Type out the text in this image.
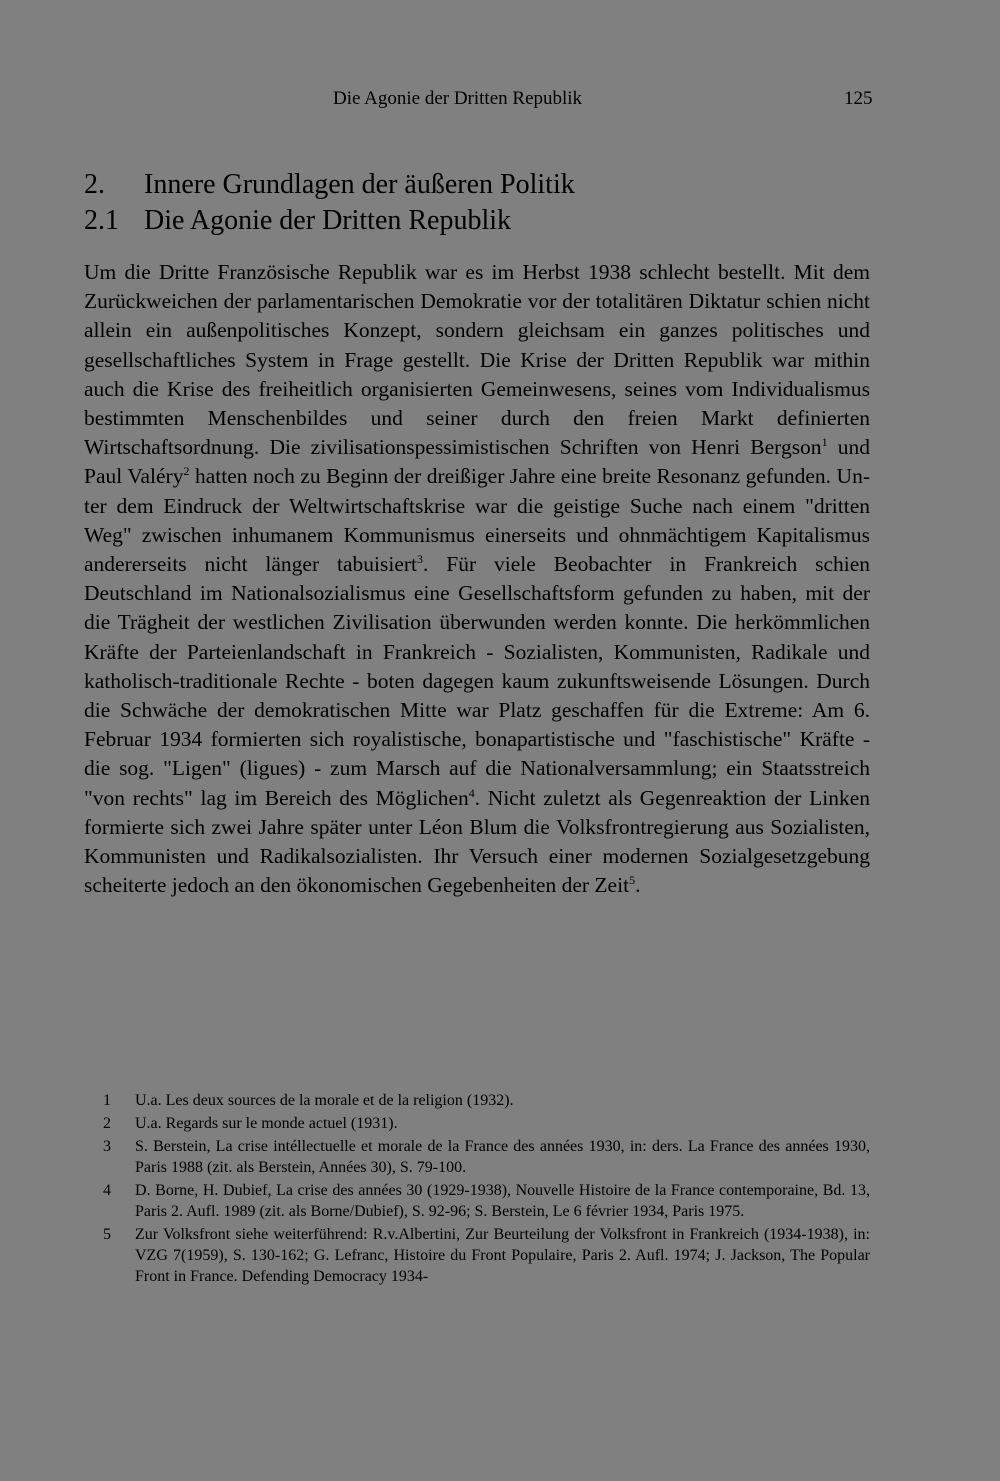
Die Agonie der Dritten Republik	125
2. Innere Grundlagen der äußeren Politik
2.1 Die Agonie der Dritten Republik

Um die Dritte Französische Republik war es im Herbst 1938 schlecht bestellt. Mit dem Zurückweichen der parlamentarischen Demokratie vor der totalitären Diktatur schien nicht allein ein außenpolitisches Konzept, sondern gleichsam ein ganzes politisches und gesellschaftliches System in Frage gestellt. Die Krise der Dritten Republik war mithin auch die Krise des freiheitlich organisierten Gemeinwesens, seines vom Individualismus bestimmten Menschenbildes und seiner durch den freien Markt definierten Wirtschaftsordnung. Die zivilisationspessimistischen Schriften von Henri Bergson$^1$ und Paul Valéry$^2$ hatten noch zu Beginn der dreißiger Jahre eine breite Resonanz gefunden. Unter dem Eindruck der Weltwirtschaftskrise war die geistige Suche nach einem "dritten Weg" zwischen inhumanem Kommunismus einerseits und ohnmächtigem Kapitalismus andererseits nicht länger tabuisiert$^3$. Für viele Beobachter in Frankreich schien Deutschland im Nationalsozialismus eine Gesellschaftsform gefunden zu haben, mit der die Trägheit der westlichen Zivilisation überwunden werden konnte. Die herkömmlichen Kräfte der Parteienlandschaft in Frankreich - Sozialisten, Kommunisten, Radikale und katholisch-traditionale Rechte - boten dagegen kaum zukunftsweisende Lösungen. Durch die Schwäche der demokratischen Mitte war Platz geschaffen für die Extreme: Am 6. Februar 1934 formierten sich royalistische, bonapartistische und "faschistische" Kräfte - die sog. "Ligen" (ligues) - zum Marsch auf die Nationalversammlung; ein Staatsstreich "von rechts" lag im Bereich des Möglichen$^4$. Nicht zuletzt als Gegenreaktion der Linken formierte sich zwei Jahre später unter Léon Blum die Volksfrontregierung aus Sozialisten, Kommunisten und Radikalsozialisten. Ihr Versuch einer modernen Sozialgesetzgebung scheiterte jedoch an den ökonomischen Gegebenheiten der Zeit$^5$.

1	U.a. Les deux sources de la morale et de la religion (1932).
2	U.a. Regards sur le monde actuel (1931).
3	S. Berstein, La crise intéllectuelle et morale de la France des années 1930, in: ders. La France des années 1930, Paris 1988 (zit. als Berstein, Années 30), S. 79-100.
4	D. Borne, H. Dubief, La crise des années 30 (1929-1938), Nouvelle Histoire de la France contemporaine, Bd. 13, Paris 2. Aufl. 1989 (zit. als Borne/Dubief), S. 92-96; S. Berstein, Le 6 février 1934, Paris 1975.
5	Zur Volksfront siehe weiterführend: R.v.Albertini, Zur Beurteilung der Volksfront in Frankreich (1934-1938), in: VZG 7(1959), S. 130-162; G. Lefranc, Histoire du Front Populaire, Paris 2. Aufl. 1974; J. Jackson, The Popular Front in France. Defending Democracy 1934-
